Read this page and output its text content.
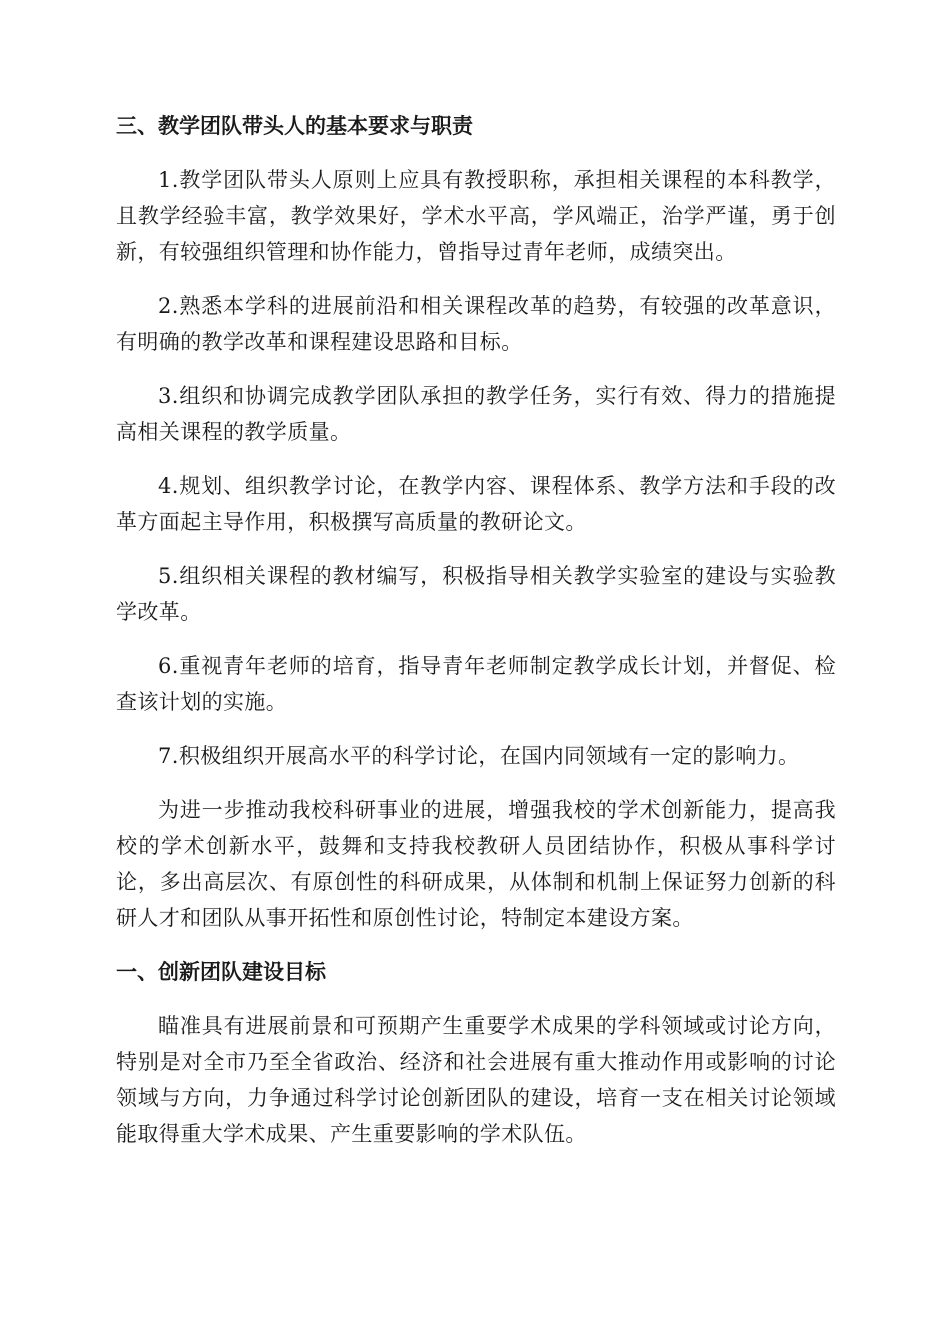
三、教学团队带头人的基本要求与职责

1.教学团队带头人原则上应具有教授职称，承担相关课程的本科教学，且教学经验丰富，教学效果好，学术水平高，学风端正，治学严谨，勇于创新，有较强组织管理和协作能力，曾指导过青年老师，成绩突出。

2.熟悉本学科的进展前沿和相关课程改革的趋势，有较强的改革意识，有明确的教学改革和课程建设思路和目标。

3.组织和协调完成教学团队承担的教学任务，实行有效、得力的措施提高相关课程的教学质量。

4.规划、组织教学讨论，在教学内容、课程体系、教学方法和手段的改革方面起主导作用，积极撰写高质量的教研论文。

5.组织相关课程的教材编写，积极指导相关教学实验室的建设与实验教学改革。

6.重视青年老师的培育，指导青年老师制定教学成长计划，并督促、检查该计划的实施。

7.积极组织开展高水平的科学讨论，在国内同领域有一定的影响力。

为进一步推动我校科研事业的进展，增强我校的学术创新能力，提高我校的学术创新水平，鼓舞和支持我校教研人员团结协作，积极从事科学讨论，多出高层次、有原创性的科研成果，从体制和机制上保证努力创新的科研人才和团队从事开拓性和原创性讨论，特制定本建设方案。

一、创新团队建设目标

瞄准具有进展前景和可预期产生重要学术成果的学科领域或讨论方向，特别是对全市乃至全省政治、经济和社会进展有重大推动作用或影响的讨论领域与方向，力争通过科学讨论创新团队的建设，培育一支在相关讨论领域能取得重大学术成果、产生重要影响的学术队伍。
